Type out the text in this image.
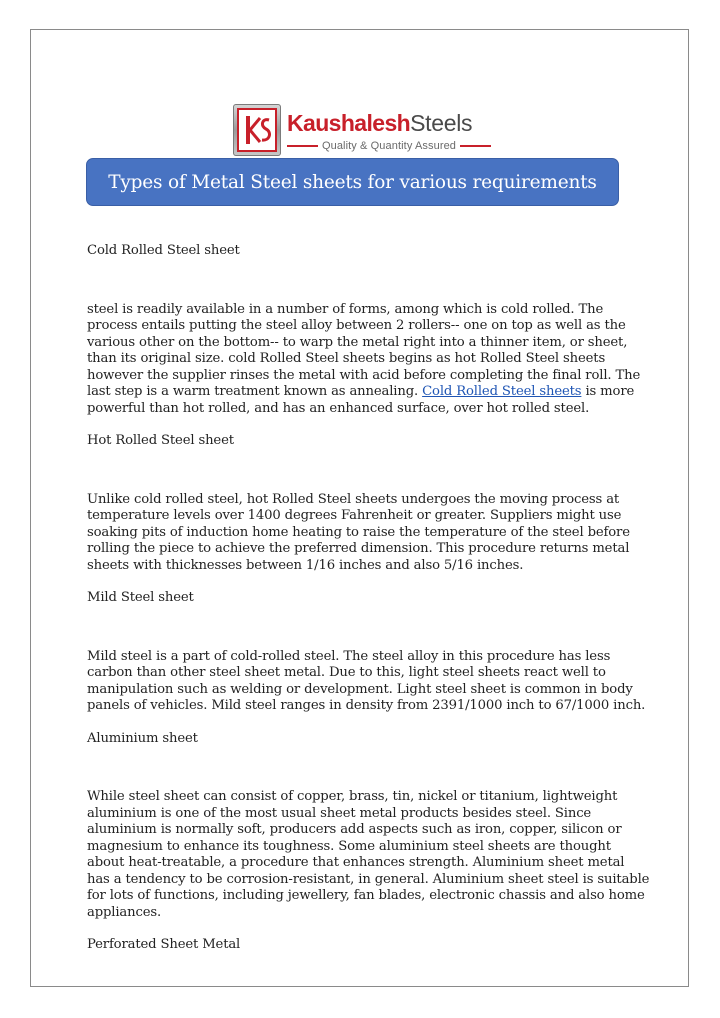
KaushaleshSteels
Quality & Quantity Assured
Types of Metal Steel sheets for various requirements
Cold Rolled Steel sheet

steel is readily available in a number of forms, among which is cold rolled. The
process entails putting the steel alloy between 2 rollers-- one on top as well as the
various other on the bottom-- to warp the metal right into a thinner item, or sheet,
than its original size. cold Rolled Steel sheets begins as hot Rolled Steel sheets
however the supplier rinses the metal with acid before completing the final roll. The
last step is a warm treatment known as annealing. Cold Rolled Steel sheets is more
powerful than hot rolled, and has an enhanced surface, over hot rolled steel.

Hot Rolled Steel sheet

Unlike cold rolled steel, hot Rolled Steel sheets undergoes the moving process at
temperature levels over 1400 degrees Fahrenheit or greater. Suppliers might use
soaking pits of induction home heating to raise the temperature of the steel before
rolling the piece to achieve the preferred dimension. This procedure returns metal
sheets with thicknesses between 1/16 inches and also 5/16 inches.

Mild Steel sheet

Mild steel is a part of cold-rolled steel. The steel alloy in this procedure has less
carbon than other steel sheet metal. Due to this, light steel sheets react well to
manipulation such as welding or development. Light steel sheet is common in body
panels of vehicles. Mild steel ranges in density from 2391/1000 inch to 67/1000 inch.

Aluminium sheet

While steel sheet can consist of copper, brass, tin, nickel or titanium, lightweight
aluminium is one of the most usual sheet metal products besides steel. Since
aluminium is normally soft, producers add aspects such as iron, copper, silicon or
magnesium to enhance its toughness. Some aluminium steel sheets are thought
about heat-treatable, a procedure that enhances strength. Aluminium sheet metal
has a tendency to be corrosion-resistant, in general. Aluminium sheet steel is suitable
for lots of functions, including jewellery, fan blades, electronic chassis and also home
appliances.

Perforated Sheet Metal
